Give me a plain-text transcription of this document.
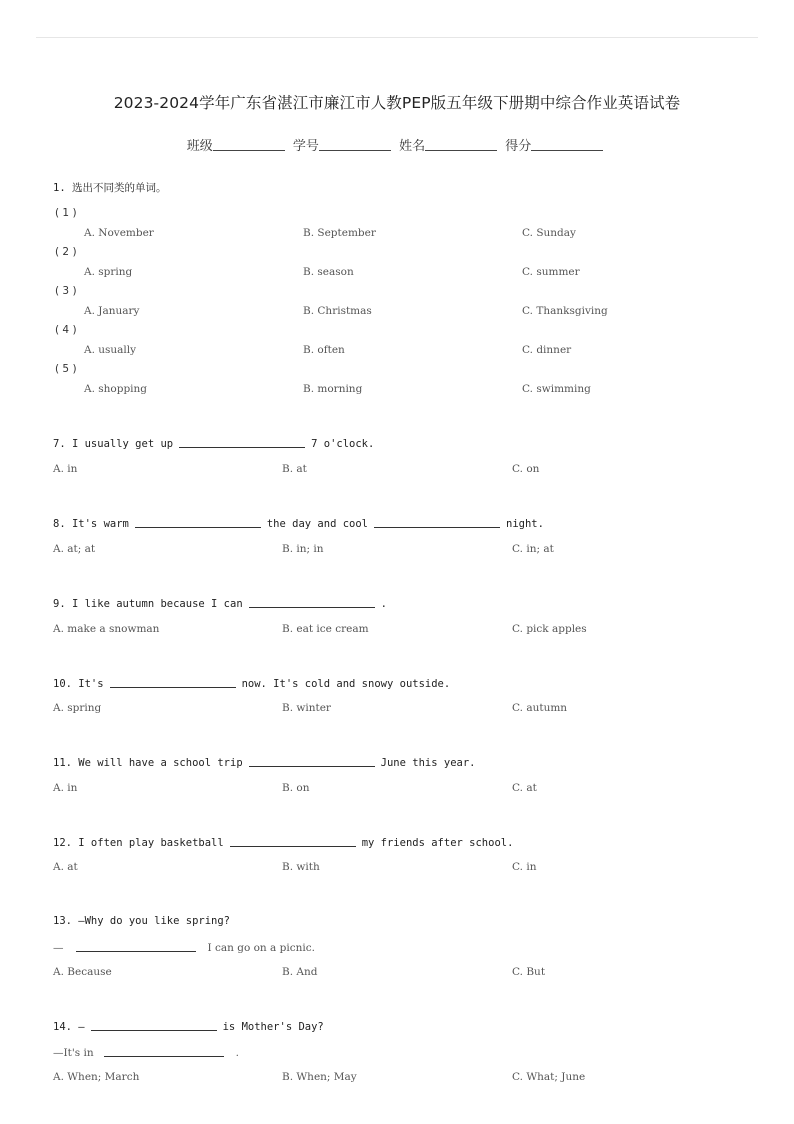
2023-2024学年广东省湛江市廉江市人教PEP版五年级下册期中综合作业英语试卷
班级	学号	姓名	得分
1. 选出不同类的单词。
( 1 )
A. November	B. September	C. Sunday
( 2 )
A. spring	B. season	C. summer
( 3 )
A. January	B. Christmas	C. Thanksgiving
( 4 )
A. usually	B. often	C. dinner
( 5 )
A. shopping	B. morning	C. swimming
7. I usually get up	7 o'clock.
A. in	B. at	C. on
8. It's warm	the day and cool	night.
A. at; at	B. in; in	C. in; at
9. I like autumn because I can	.
A. make a snowman	B. eat ice cream	C. pick apples
10. It's	now. It's cold and snowy outside.
A. spring	B. winter	C. autumn
11. We will have a school trip	June this year.
A. in	B. on	C. at
12. I often play basketball	my friends after school.
A. at	B. with	C. in
13. —Why do you like spring?
—	I can go on a picnic.
A. Because	B. And	C. But
14. —	is Mother's Day?
—It's in	.
A. When; March	B. When; May	C. What; June
